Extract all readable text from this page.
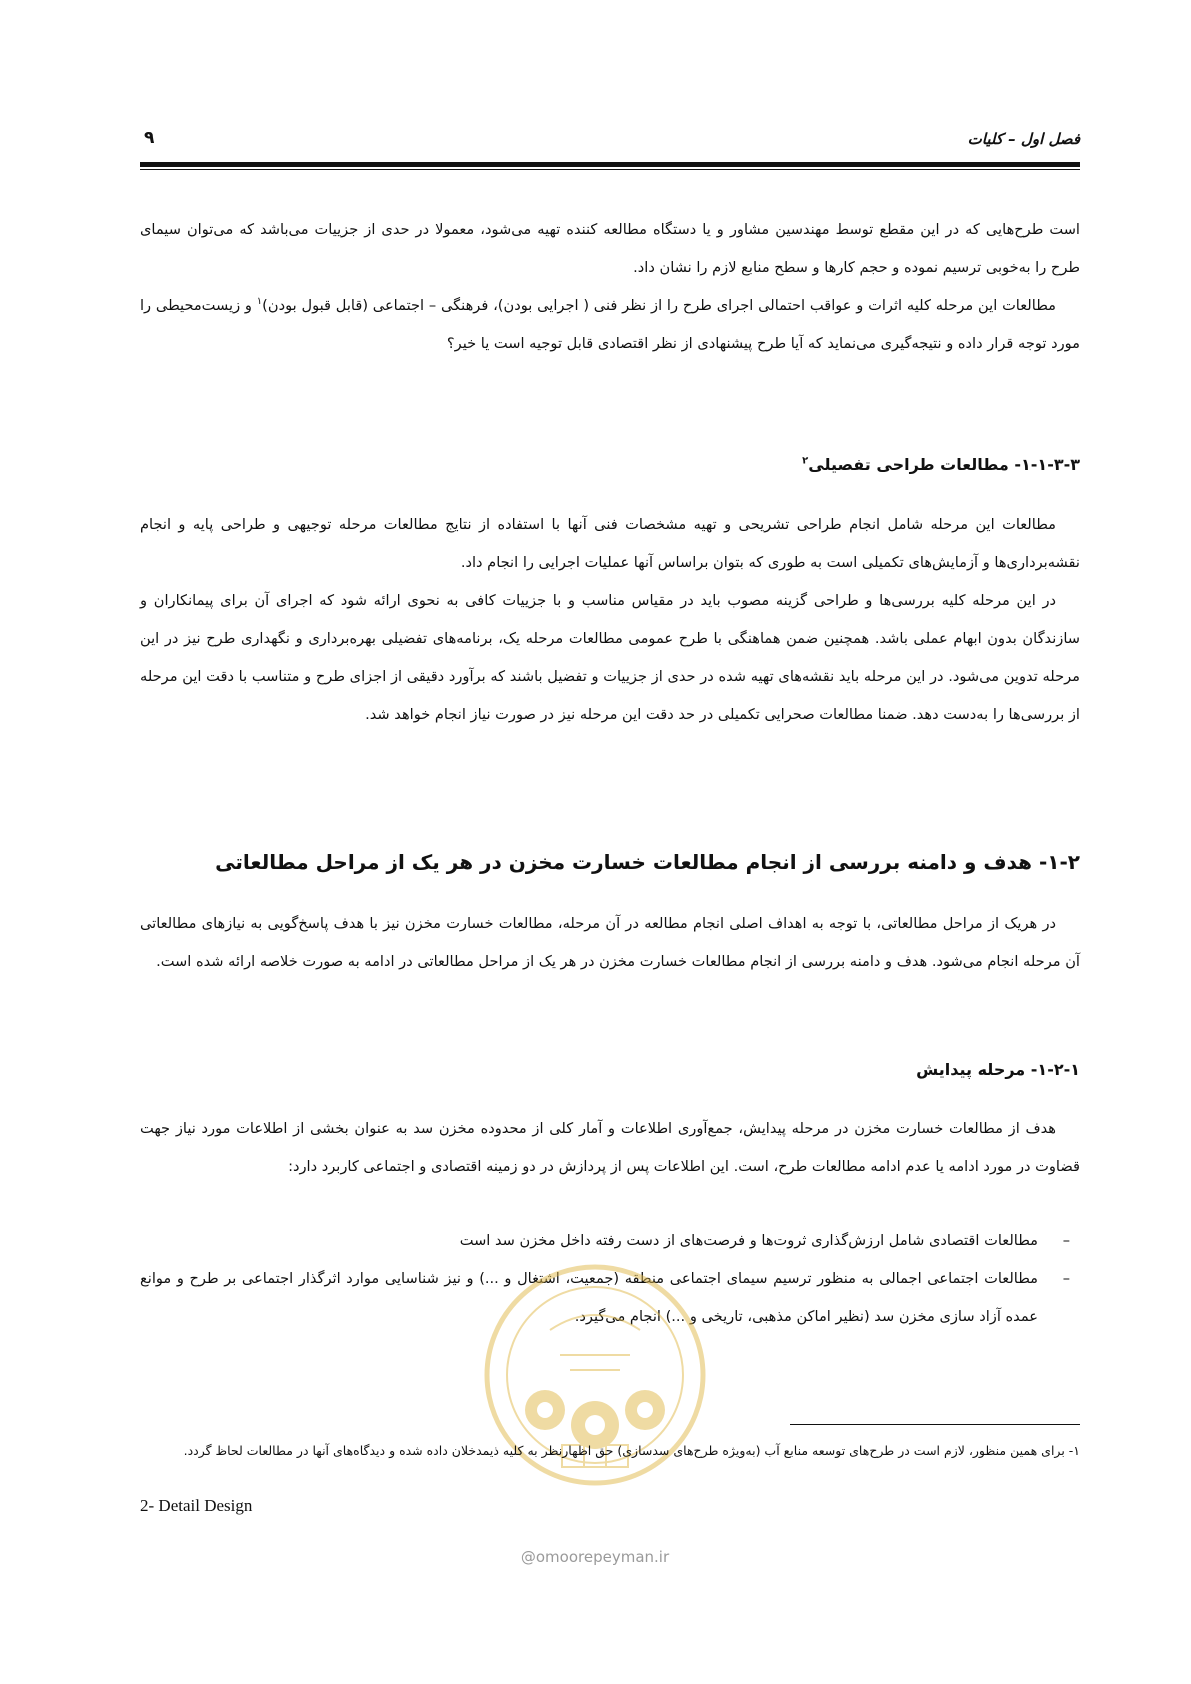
فصل اول – کلیات
۹

است طرح‌هایی که در این مقطع توسط مهندسین مشاور و یا دستگاه مطالعه کننده تهیه می‌شود، معمولا در حدی از جزییات می‌باشد که می‌توان سیمای طرح را به‌خوبی ترسیم نموده و حجم کارها و سطح منابع لازم را نشان داد.

مطالعات این مرحله کلیه اثرات و عواقب احتمالی اجرای طرح را از نظر فنی ( اجرایی بودن)، فرهنگی – اجتماعی (قابل قبول بودن)$^۱$ و زیست‌محیطی را مورد توجه قرار داده و نتیجه‌گیری می‌نماید که آیا طرح پیشنهادی از نظر اقتصادی قابل توجیه است یا خیر؟

۱-۱-۳-۳- مطالعات طراحی تفصیلی$^۲$

مطالعات این مرحله شامل انجام طراحی تشریحی و تهیه مشخصات فنی آنها با استفاده از نتایج مطالعات مرحله توجیهی و طراحی پایه و انجام نقشه‌برداری‌ها و آزمایش‌های تکمیلی است به طوری که بتوان براساس آنها عملیات اجرایی را انجام داد.

در این مرحله کلیه بررسی‌ها و طراحی گزینه مصوب باید در مقیاس مناسب و با جزییات کافی به نحوی ارائه شود که اجرای آن برای پیمانکاران و سازندگان بدون ابهام عملی باشد. همچنین ضمن هماهنگی با طرح عمومی مطالعات مرحله یک، برنامه‌های تفضیلی بهره‌برداری و نگهداری طرح نیز در این مرحله تدوین می‌شود. در این مرحله باید نقشه‌های تهیه شده در حدی از جزییات و تفضیل باشند که برآورد دقیقی از اجزای طرح و متناسب با دقت این مرحله از بررسی‌ها را به‌دست دهد. ضمنا مطالعات صحرایی تکمیلی در حد دقت این مرحله نیز در صورت نیاز انجام خواهد شد.

۱-۲- هدف و دامنه بررسی از انجام مطالعات خسارت مخزن در هر یک از مراحل مطالعاتی

در هریک از مراحل مطالعاتی، با توجه به اهداف اصلی انجام مطالعه در آن مرحله، مطالعات خسارت مخزن نیز با هدف پاسخ‌گویی به نیازهای مطالعاتی آن مرحله انجام می‌شود. هدف و دامنه بررسی از انجام مطالعات خسارت مخزن در هر یک از مراحل مطالعاتی در ادامه به صورت خلاصه ارائه شده است.

۱-۲-۱- مرحله پیدایش

هدف از مطالعات خسارت مخزن در مرحله پیدایش، جمع‌آوری اطلاعات و آمار کلی از محدوده مخزن سد به عنوان بخشی از اطلاعات مورد نیاز جهت قضاوت در مورد ادامه یا عدم ادامه مطالعات طرح، است. این اطلاعات پس از پردازش در دو زمینه اقتصادی و اجتماعی کاربرد دارد:

–
مطالعات اقتصادی شامل ارزش‌گذاری ثروت‌ها و فرصت‌های از دست رفته داخل مخزن سد است
–
مطالعات اجتماعی اجمالی به منظور ترسیم سیمای اجتماعی منطقه (جمعیت، اشتغال و ...) و نیز شناسایی موارد اثرگذار اجتماعی بر طرح و موانع عمده آزاد سازی مخزن سد (نظیر اماکن مذهبی، تاریخی و ...) انجام می‌گیرد.
۱- برای همین منظور، لازم است در طرح‌های توسعه منابع آب (به‌ویژه طرح‌های سدسازی) حق اظهارنظر به کلیه ذیمدخلان داده شده و دیدگاه‌های آنها در مطالعات لحاظ گردد.
2- Detail Design
@omoorepeyman.ir
